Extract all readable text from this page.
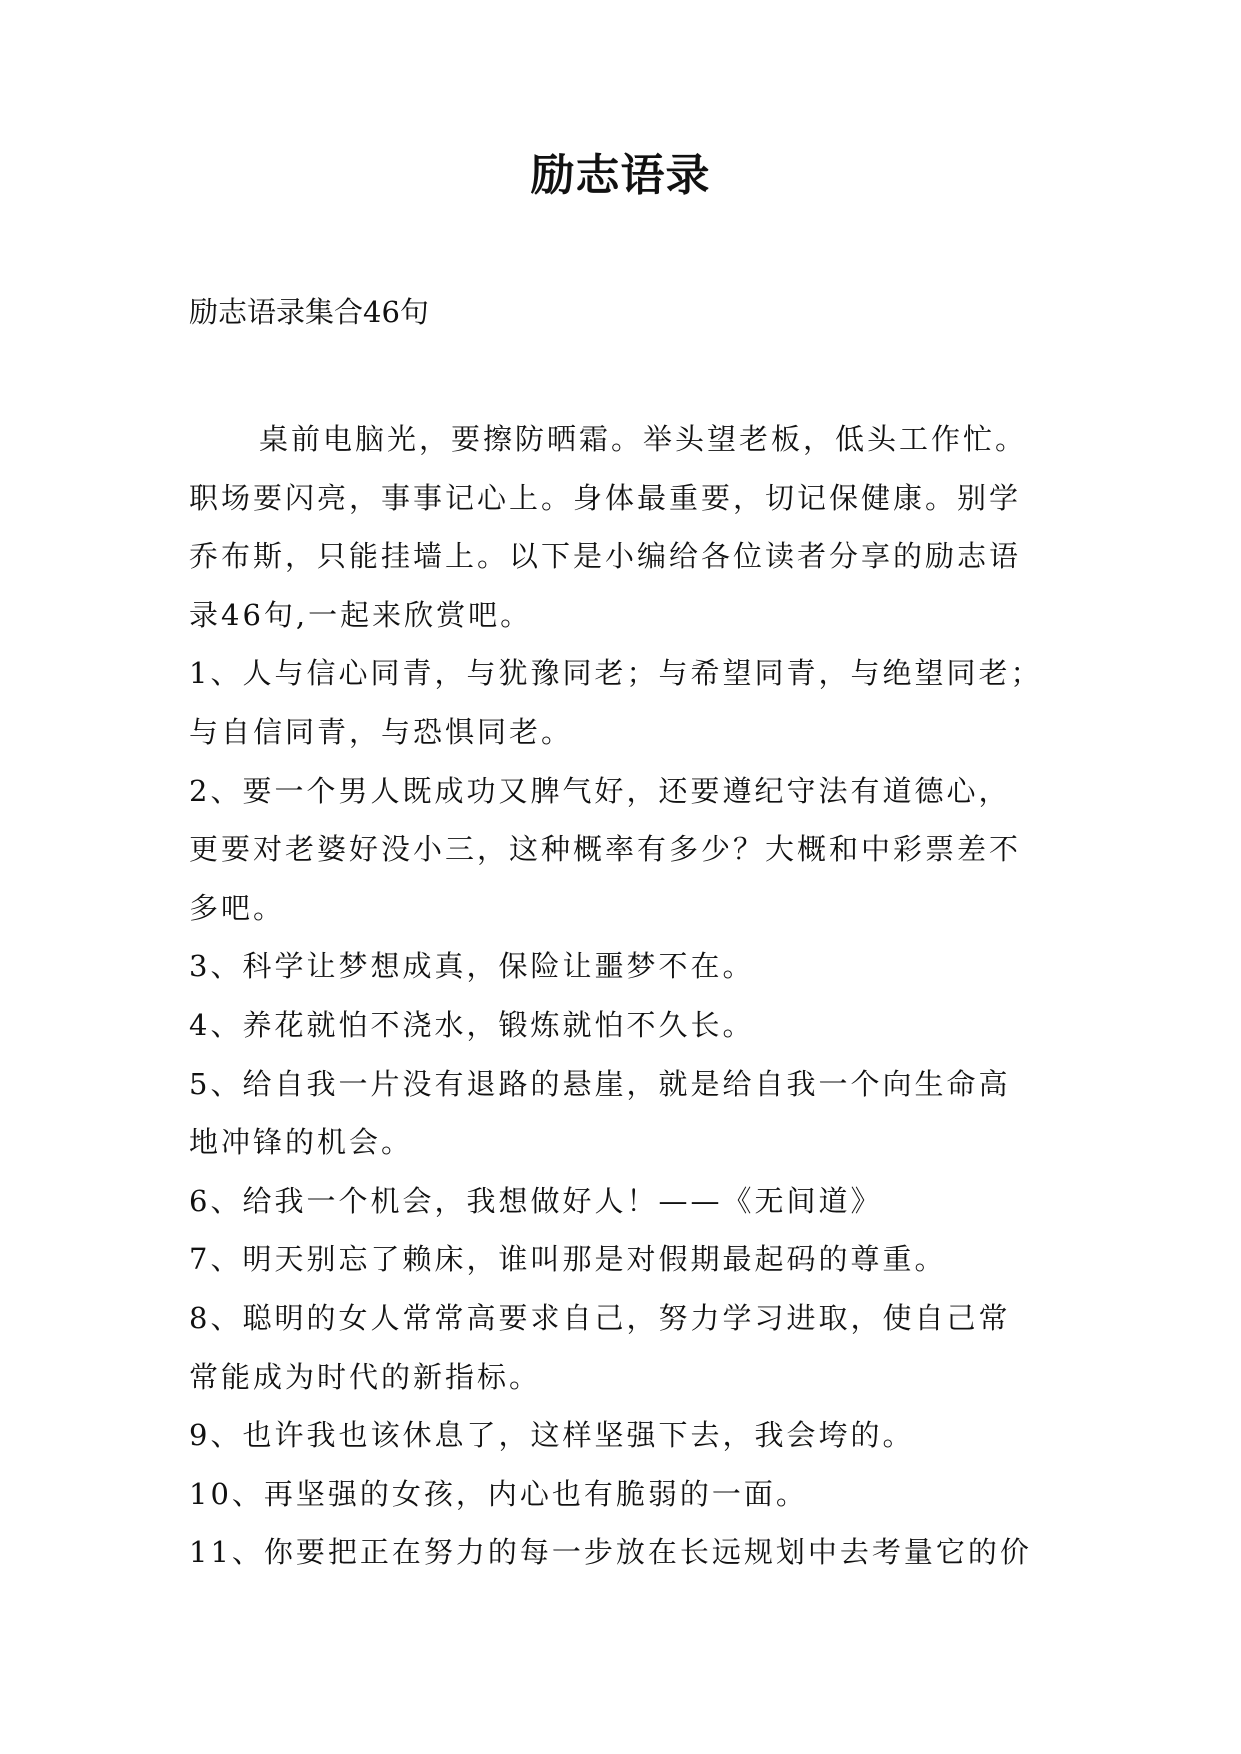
励志语录
励志语录集合46句
桌前电脑光，要擦防晒霜。举头望老板，低头工作忙。
职场要闪亮，事事记心上。身体最重要，切记保健康。别学
乔布斯，只能挂墙上。以下是小编给各位读者分享的励志语
录46句,一起来欣赏吧。
1、人与信心同青，与犹豫同老；与希望同青，与绝望同老；
与自信同青，与恐惧同老。
2、要一个男人既成功又脾气好，还要遵纪守法有道德心，
更要对老婆好没小三，这种概率有多少？大概和中彩票差不
多吧。
3、科学让梦想成真，保险让噩梦不在。
4、养花就怕不浇水，锻炼就怕不久长。
5、给自我一片没有退路的悬崖，就是给自我一个向生命高
地冲锋的机会。
6、给我一个机会，我想做好人！——《无间道》
7、明天别忘了赖床，谁叫那是对假期最起码的尊重。
8、聪明的女人常常高要求自己，努力学习进取，使自己常
常能成为时代的新指标。
9、也许我也该休息了，这样坚强下去，我会垮的。
10、再坚强的女孩，内心也有脆弱的一面。
11、你要把正在努力的每一步放在长远规划中去考量它的价
